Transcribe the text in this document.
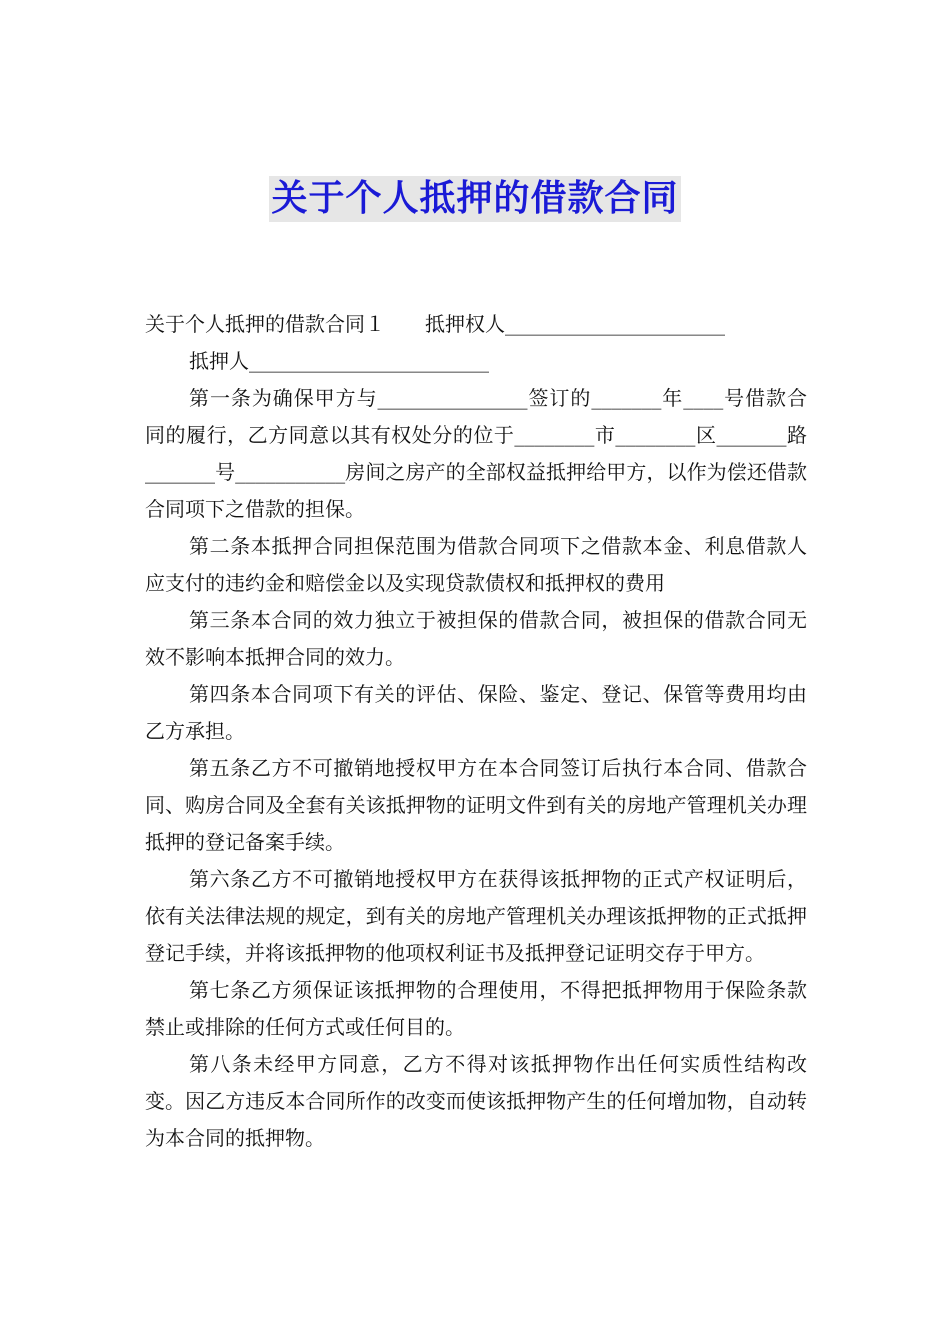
关于个人抵押的借款合同
关于个人抵押的借款合同１　　抵押权人______________________
抵押人________________________

第一条为确保甲方与_______________签订的_______年____号借款合同的履行，乙方同意以其有权处分的位于________市________区_______路_______号___________房间之房产的全部权益抵押给甲方，以作为偿还借款合同项下之借款的担保。

第二条本抵押合同担保范围为借款合同项下之借款本金、利息借款人应支付的违约金和赔偿金以及实现贷款债权和抵押权的费用

第三条本合同的效力独立于被担保的借款合同，被担保的借款合同无效不影响本抵押合同的效力。

第四条本合同项下有关的评估、保险、鉴定、登记、保管等费用均由乙方承担。

第五条乙方不可撤销地授权甲方在本合同签订后执行本合同、借款合同、购房合同及全套有关该抵押物的证明文件到有关的房地产管理机关办理抵押的登记备案手续。

第六条乙方不可撤销地授权甲方在获得该抵押物的正式产权证明后，依有关法律法规的规定，到有关的房地产管理机关办理该抵押物的正式抵押登记手续，并将该抵押物的他项权利证书及抵押登记证明交存于甲方。

第七条乙方须保证该抵押物的合理使用，不得把抵押物用于保险条款禁止或排除的任何方式或任何目的。

第八条未经甲方同意，乙方不得对该抵押物作出任何实质性结构改变。因乙方违反本合同所作的改变而使该抵押物产生的任何增加物，自动转为本合同的抵押物。
